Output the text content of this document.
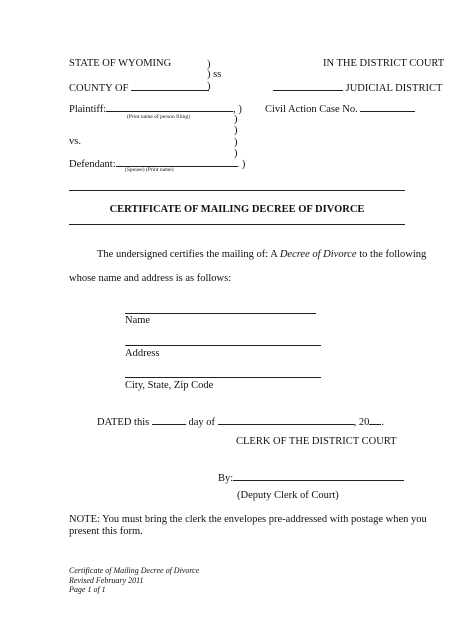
STATE OF WYOMING	IN THE DISTRICT COURT
)
) ss
COUNTY OF	)	JUDICIAL DISTRICT
Plaintiff:	, )
(Print name of person filing)
Civil Action Case No.
)
)
vs.	)
)
Defendant:	. )
(Spouse) (Print name)
CERTIFICATE OF MAILING DECREE OF DIVORCE
The undersigned certifies the mailing of: A Decree of Divorce to the following
whose name and address is as follows:
Name
Address
City, State, Zip Code
DATED this	day of	, 20 .
CLERK OF THE DISTRICT COURT
By:
(Deputy Clerk of Court)
NOTE: You must bring the clerk the envelopes pre-addressed with postage when you
present this form.
Certificate of Mailing Decree of Divorce
Revised February 2011
Page 1 of 1
